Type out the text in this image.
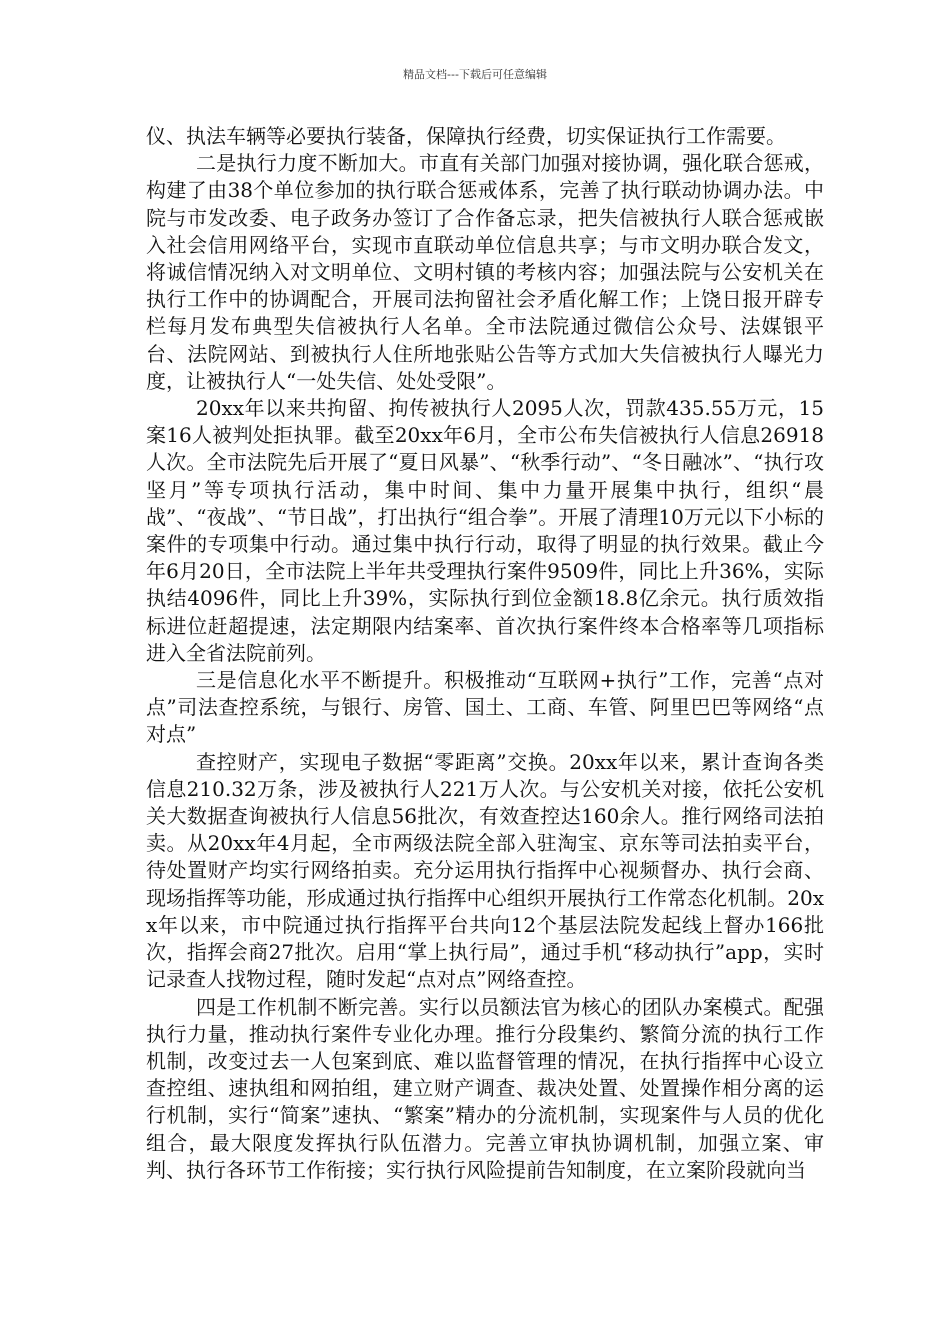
精品文档---下载后可任意编辑

仪、执法车辆等必要执行装备，保障执行经费，切实保证执行工作需要。

二是执行力度不断加大。市直有关部门加强对接协调，强化联合惩戒，构建了由38个单位参加的执行联合惩戒体系，完善了执行联动协调办法。中院与市发改委、电子政务办签订了合作备忘录，把失信被执行人联合惩戒嵌入社会信用网络平台，实现市直联动单位信息共享；与市文明办联合发文，将诚信情况纳入对文明单位、文明村镇的考核内容；加强法院与公安机关在执行工作中的协调配合，开展司法拘留社会矛盾化解工作；上饶日报开辟专栏每月发布典型失信被执行人名单。全市法院通过微信公众号、法媒银平台、法院网站、到被执行人住所地张贴公告等方式加大失信被执行人曝光力度，让被执行人“一处失信、处处受限”。

20xx年以来共拘留、拘传被执行人2095人次，罚款435.55万元，15案16人被判处拒执罪。截至20xx年6月，全市公布失信被执行人信息26918人次。全市法院先后开展了“夏日风暴”、“秋季行动”、“冬日融冰”、“执行攻坚月”等专项执行活动，集中时间、集中力量开展集中执行，组织“晨战”、“夜战”、“节日战”，打出执行“组合拳”。开展了清理10万元以下小标的案件的专项集中行动。通过集中执行行动，取得了明显的执行效果。截止今年6月20日，全市法院上半年共受理执行案件9509件，同比上升36%，实际执结4096件，同比上升39%，实际执行到位金额18.8亿余元。执行质效指标进位赶超提速，法定期限内结案率、首次执行案件终本合格率等几项指标进入全省法院前列。

三是信息化水平不断提升。积极推动“互联网+执行”工作，完善“点对点”司法查控系统，与银行、房管、国土、工商、车管、阿里巴巴等网络“点对点”

查控财产，实现电子数据“零距离”交换。20xx年以来，累计查询各类信息210.32万条，涉及被执行人221万人次。与公安机关对接，依托公安机关大数据查询被执行人信息56批次，有效查控达160余人。推行网络司法拍卖。从20xx年4月起，全市两级法院全部入驻淘宝、京东等司法拍卖平台，待处置财产均实行网络拍卖。充分运用执行指挥中心视频督办、执行会商、现场指挥等功能，形成通过执行指挥中心组织开展执行工作常态化机制。20xx年以来，市中院通过执行指挥平台共向12个基层法院发起线上督办166批次，指挥会商27批次。启用“掌上执行局”，通过手机“移动执行”app，实时记录查人找物过程，随时发起“点对点”网络查控。

四是工作机制不断完善。实行以员额法官为核心的团队办案模式。配强执行力量，推动执行案件专业化办理。推行分段集约、繁简分流的执行工作机制，改变过去一人包案到底、难以监督管理的情况，在执行指挥中心设立查控组、速执组和网拍组，建立财产调查、裁决处置、处置操作相分离的运行机制，实行“简案”速执、“繁案”精办的分流机制，实现案件与人员的优化组合，最大限度发挥执行队伍潜力。完善立审执协调机制，加强立案、审判、执行各环节工作衔接；实行执行风险提前告知制度，在立案阶段就向当
